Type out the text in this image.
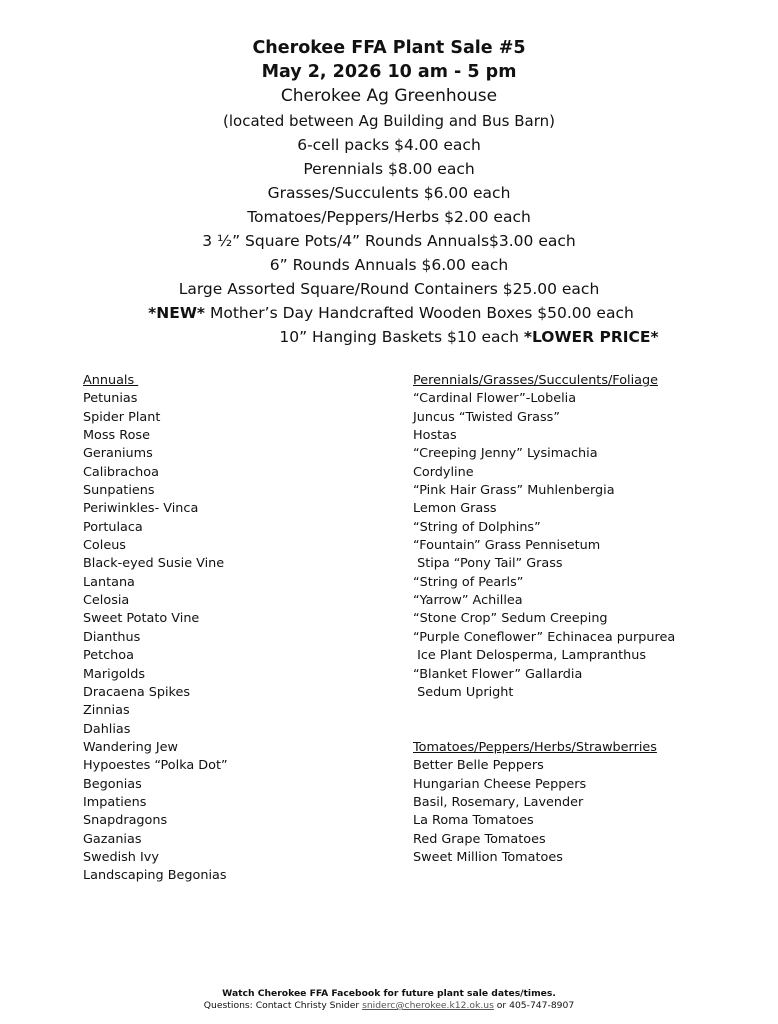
Cherokee FFA Plant Sale #5
May 2, 2026 10 am - 5 pm
Cherokee Ag Greenhouse
(located between Ag Building and Bus Barn)
6-cell packs $4.00 each
Perennials $8.00 each
Grasses/Succulents $6.00 each
Tomatoes/Peppers/Herbs $2.00 each
3 ½” Square Pots/4” Rounds Annuals$3.00 each
6” Rounds Annuals $6.00 each
Large Assorted Square/Round Containers $25.00 each
*NEW* Mother’s Day Handcrafted Wooden Boxes $50.00 each
10” Hanging Baskets $10 each *LOWER PRICE*
Annuals
Petunias
Spider Plant
Moss Rose
Geraniums
Calibrachoa
Sunpatiens
Periwinkles- Vinca
Portulaca
Coleus
Black-eyed Susie Vine
Lantana
Celosia
Sweet Potato Vine
Dianthus
Petchoa
Marigolds
Dracaena Spikes
Zinnias
Dahlias
Wandering Jew
Hypoestes “Polka Dot”
Begonias
Impatiens
Snapdragons
Gazanias
Swedish Ivy
Landscaping Begonias
Perennials/Grasses/Succulents/Foliage
“Cardinal Flower”-Lobelia
Juncus “Twisted Grass”
Hostas
“Creeping Jenny” Lysimachia
Cordyline
“Pink Hair Grass” Muhlenbergia
Lemon Grass
“String of Dolphins”
“Fountain” Grass Pennisetum
Stipa “Pony Tail” Grass
“String of Pearls”
“Yarrow” Achillea
“Stone Crop” Sedum Creeping
“Purple Coneflower” Echinacea purpurea
Ice Plant Delosperma, Lampranthus
“Blanket Flower” Gallardia
Sedum Upright
Tomatoes/Peppers/Herbs/Strawberries
Better Belle Peppers
Hungarian Cheese Peppers
Basil, Rosemary, Lavender
La Roma Tomatoes
Red Grape Tomatoes
Sweet Million Tomatoes
Watch Cherokee FFA Facebook for future plant sale dates/times.
Questions: Contact Christy Snider sniderc@cherokee.k12.ok.us or 405-747-8907
